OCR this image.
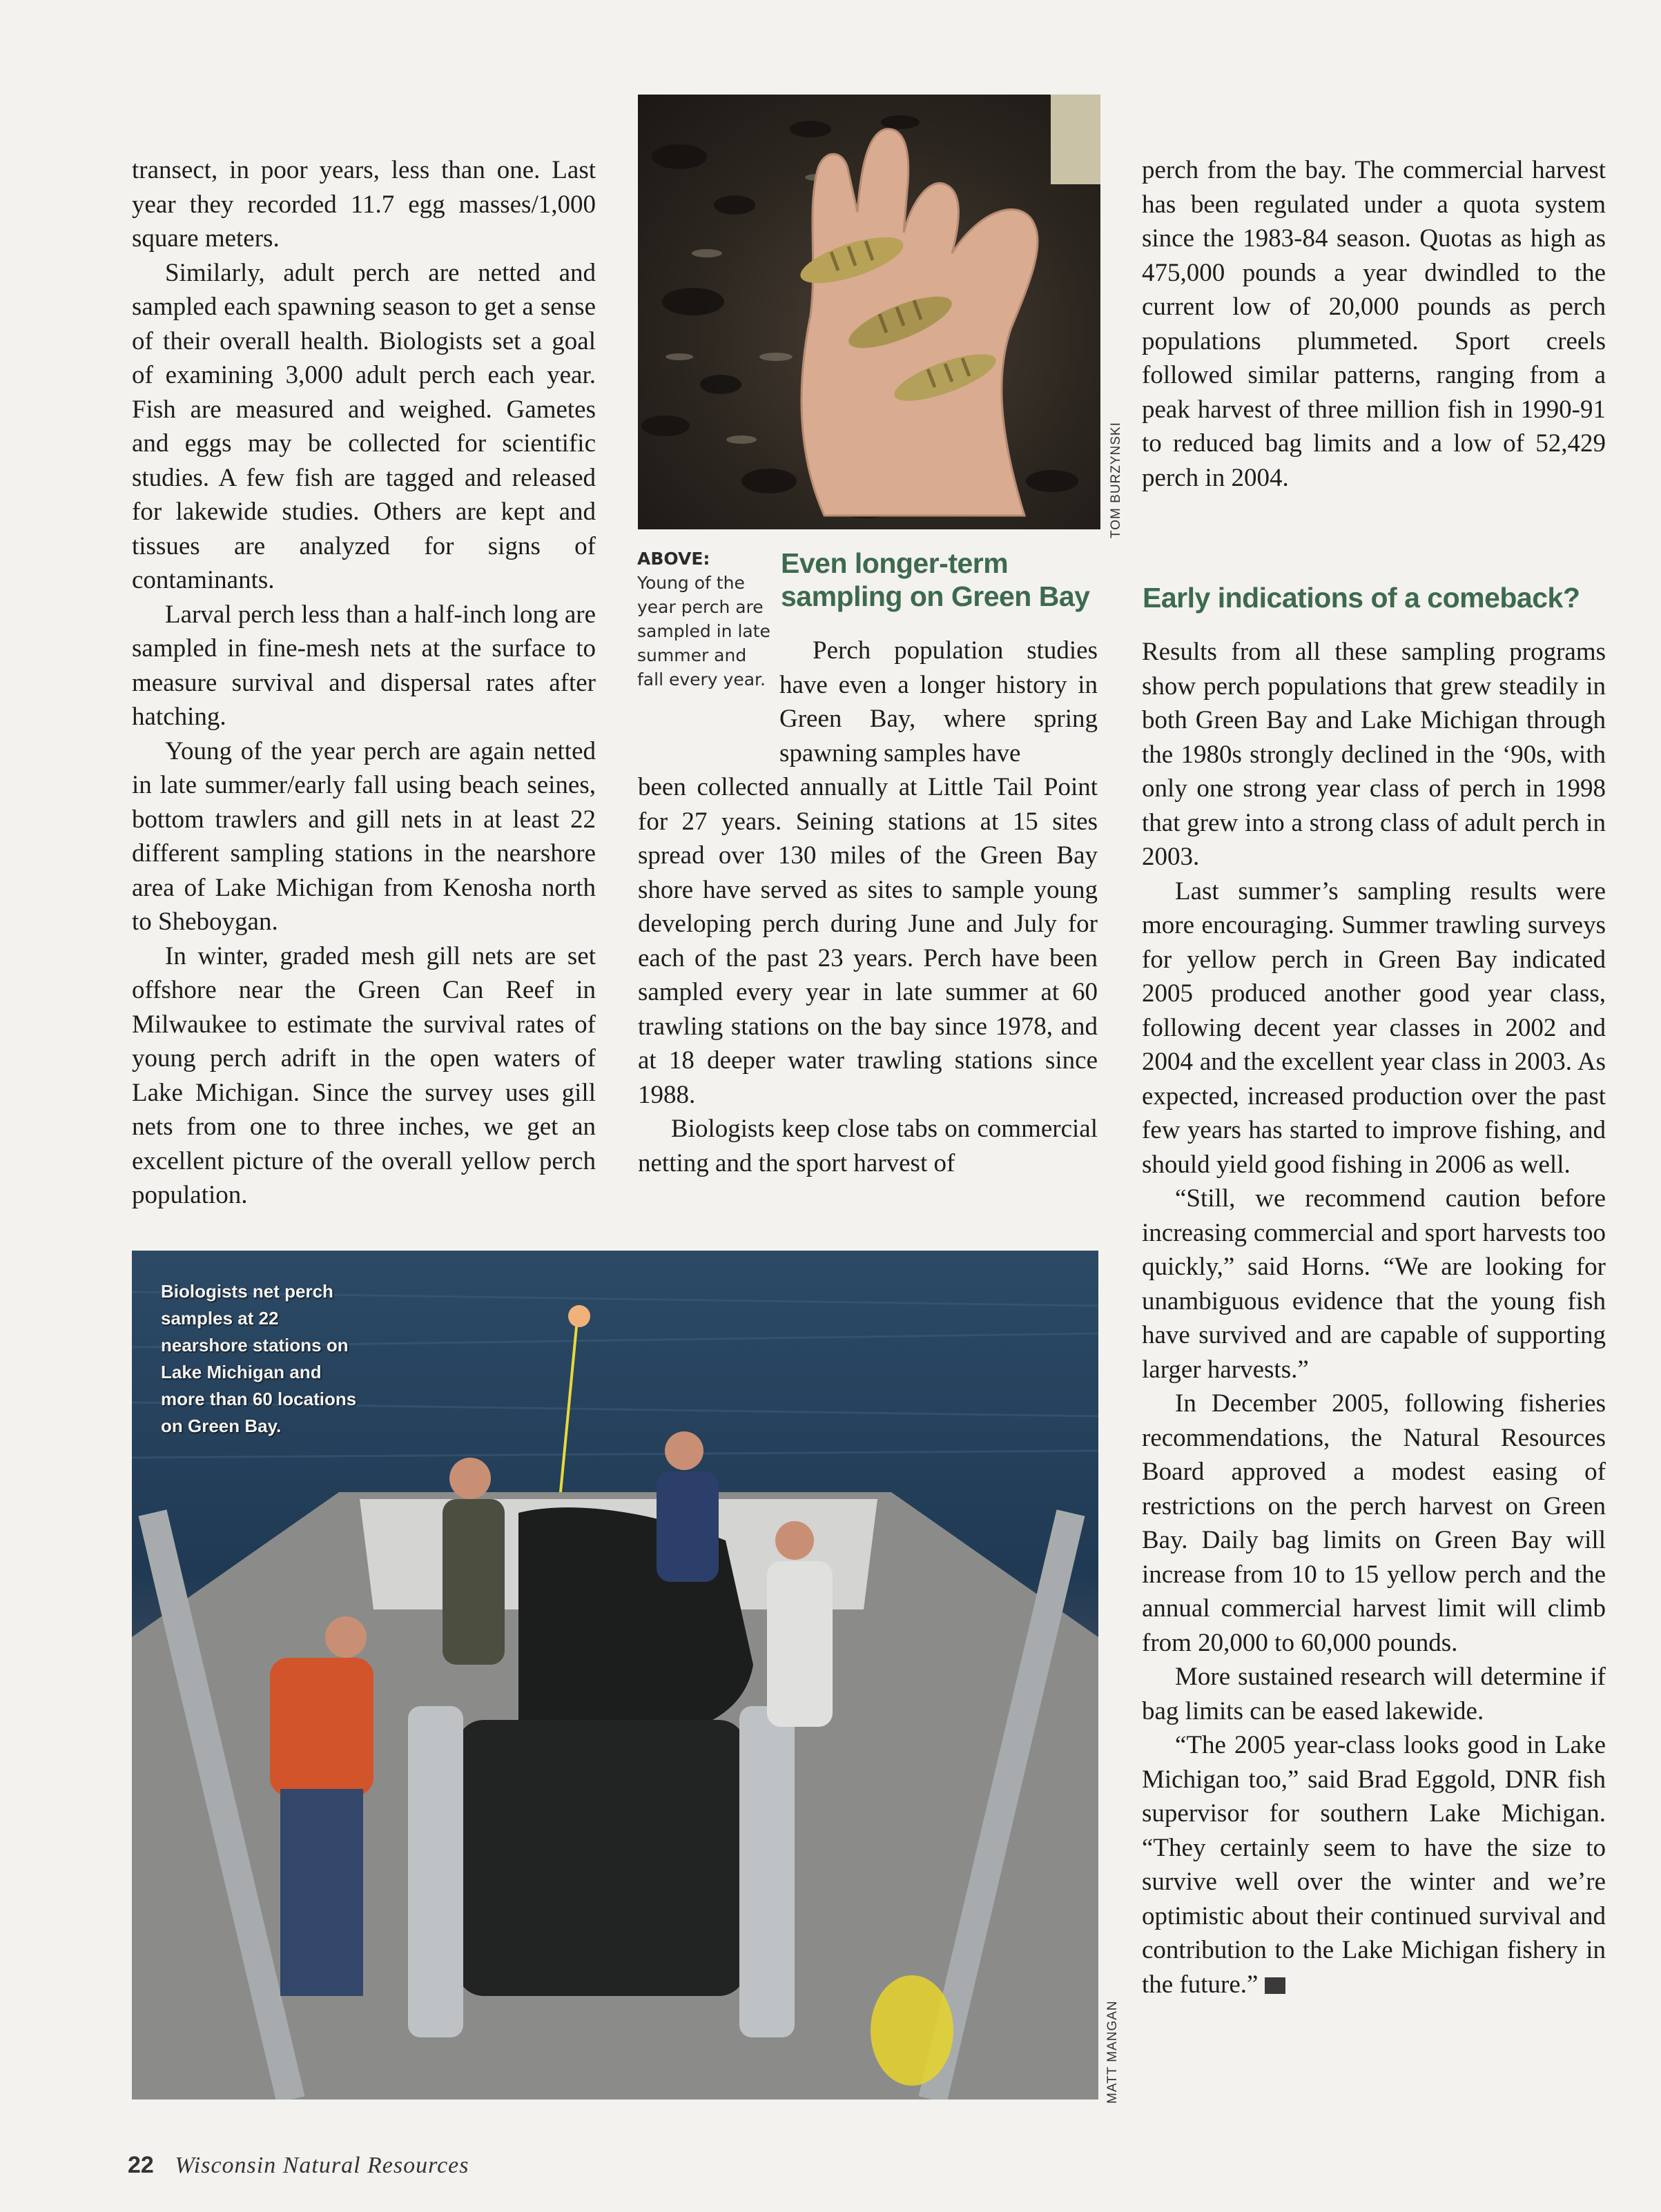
transect, in poor years, less than one. Last year they recorded 11.7 egg masses/1,000 square meters.

Similarly, adult perch are netted and sampled each spawning season to get a sense of their overall health. Biologists set a goal of examining 3,000 adult perch each year. Fish are measured and weighed. Gametes and eggs may be collected for scientific studies. A few fish are tagged and released for lakewide studies. Others are kept and tissues are analyzed for signs of contaminants.

Larval perch less than a half-inch long are sampled in fine-mesh nets at the surface to measure survival and dispersal rates after hatching.

Young of the year perch are again netted in late summer/early fall using beach seines, bottom trawlers and gill nets in at least 22 different sampling stations in the nearshore area of Lake Michigan from Kenosha north to Sheboygan.

In winter, graded mesh gill nets are set offshore near the Green Can Reef in Milwaukee to estimate the survival rates of young perch adrift in the open waters of Lake Michigan. Since the survey uses gill nets from one to three inches, we get an excellent picture of the overall yellow perch population.

TOM BURZYNSKI
ABOVE:
Young of the year perch are sampled in late summer and fall every year.
Even longer-term sampling on Green Bay

Perch population studies have even a longer history in Green Bay, where spring spawning samples have

been collected annually at Little Tail Point for 27 years. Seining stations at 15 sites spread over 130 miles of the Green Bay shore have served as sites to sample young developing perch during June and July for each of the past 23 years. Perch have been sampled every year in late summer at 60 trawling stations on the bay since 1978, and at 18 deeper water trawling stations since 1988.

Biologists keep close tabs on commercial netting and the sport harvest of

perch from the bay. The commercial harvest has been regulated under a quota system since the 1983-84 season. Quotas as high as 475,000 pounds a year dwindled to the current low of 20,000 pounds as perch populations plummeted. Sport creels followed similar patterns, ranging from a peak harvest of three million fish in 1990-91 to reduced bag limits and a low of 52,429 perch in 2004.

Early indications of a comeback?

Results from all these sampling programs show perch populations that grew steadily in both Green Bay and Lake Michigan through the 1980s strongly declined in the ‘90s, with only one strong year class of perch in 1998 that grew into a strong class of adult perch in 2003.

Last summer’s sampling results were more encouraging. Summer trawling surveys for yellow perch in Green Bay indicated 2005 produced another good year class, following decent year classes in 2002 and 2004 and the excellent year class in 2003. As expected, increased production over the past few years has started to improve fishing, and should yield good fishing in 2006 as well.

“Still, we recommend caution before increasing commercial and sport harvests too quickly,” said Horns. “We are looking for unambiguous evidence that the young fish have survived and are capable of supporting larger harvests.”

In December 2005, following fisheries recommendations, the Natural Resources Board approved a modest easing of restrictions on the perch harvest on Green Bay. Daily bag limits on Green Bay will increase from 10 to 15 yellow perch and the annual commercial harvest limit will climb from 20,000 to 60,000 pounds.

More sustained research will determine if bag limits can be eased lakewide.

“The 2005 year-class looks good in Lake Michigan too,” said Brad Eggold, DNR fish supervisor for southern Lake Michigan. “They certainly seem to have the size to survive well over the winter and we’re optimistic about their continued survival and contribution to the Lake Michigan fishery in the future.”

Biologists net perch samples at 22 nearshore stations on Lake Michigan and more than 60 locations on Green Bay.
MATT MANGAN
22 Wisconsin Natural Resources
